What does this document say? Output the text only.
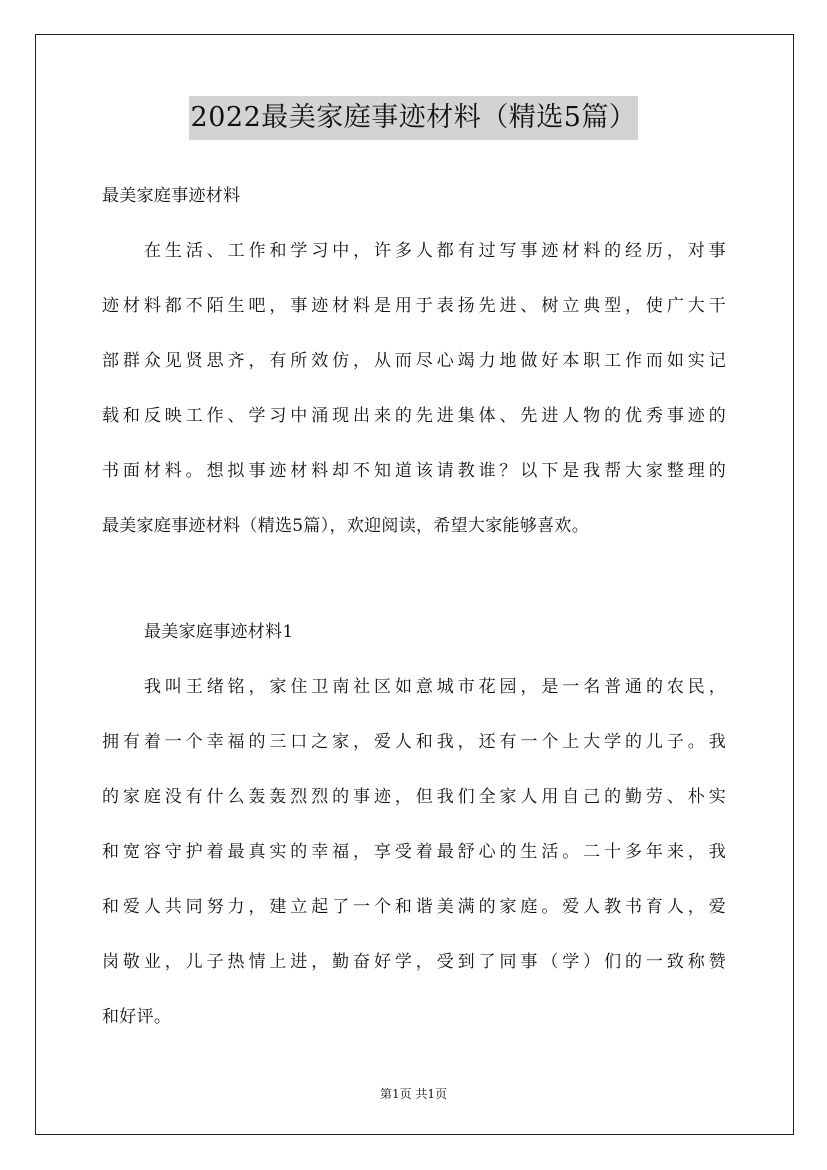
2022最美家庭事迹材料（精选5篇）
最美家庭事迹材料
在生活、工作和学习中，许多人都有过写事迹材料的经历，对事
迹材料都不陌生吧，事迹材料是用于表扬先进、树立典型，使广大干
部群众见贤思齐，有所效仿，从而尽心竭力地做好本职工作而如实记
载和反映工作、学习中涌现出来的先进集体、先进人物的优秀事迹的
书面材料。想拟事迹材料却不知道该请教谁？以下是我帮大家整理的
最美家庭事迹材料（精选5篇），欢迎阅读，希望大家能够喜欢。
最美家庭事迹材料1
我叫王绪铭，家住卫南社区如意城市花园，是一名普通的农民，
拥有着一个幸福的三口之家，爱人和我，还有一个上大学的儿子。我
的家庭没有什么轰轰烈烈的事迹，但我们全家人用自己的勤劳、朴实
和宽容守护着最真实的幸福，享受着最舒心的生活。二十多年来，我
和爱人共同努力，建立起了一个和谐美满的家庭。爱人教书育人，爱
岗敬业，儿子热情上进，勤奋好学，受到了同事（学）们的一致称赞
和好评。
第1页 共1页
